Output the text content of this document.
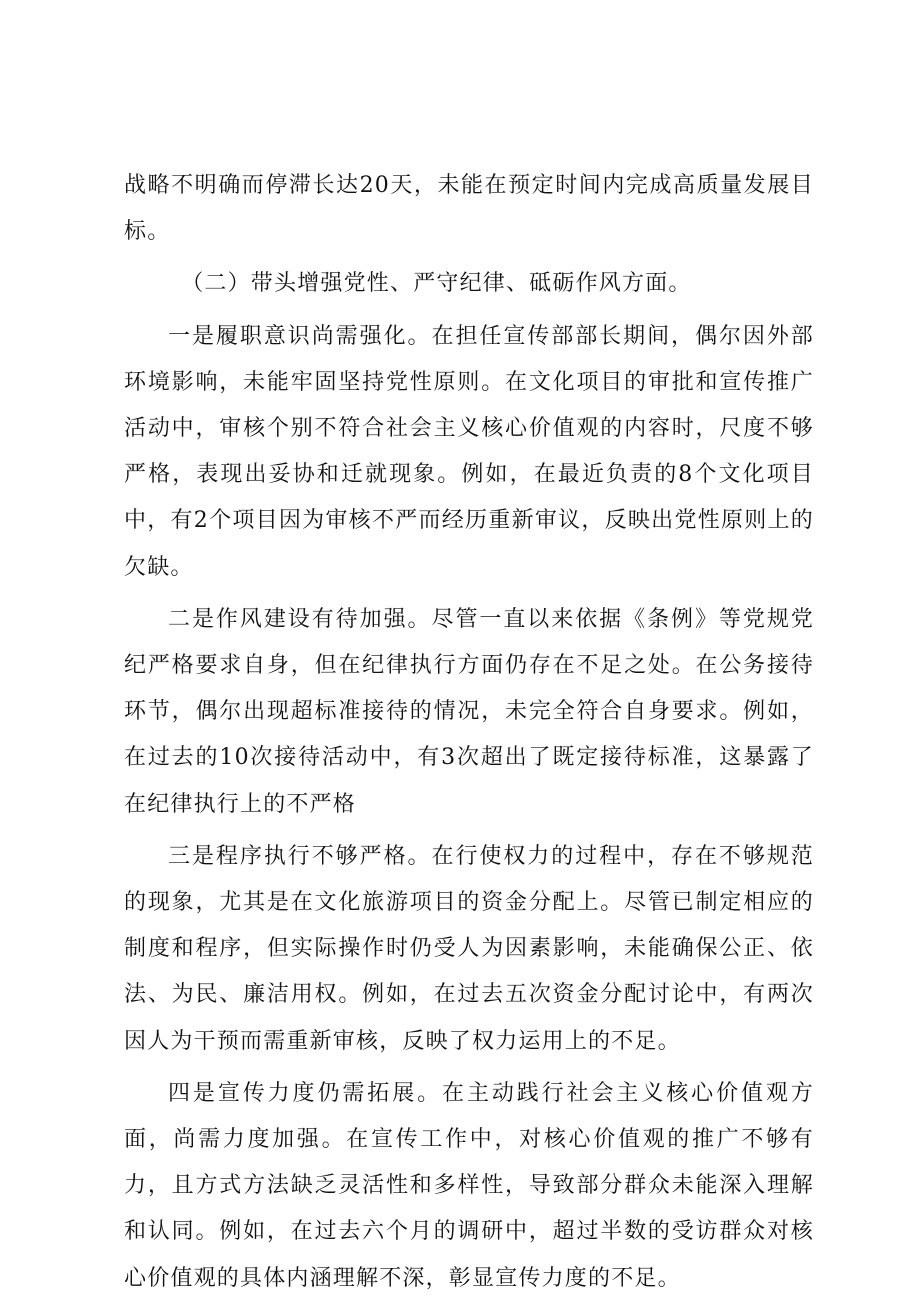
战略不明确而停滞长达20天，未能在预定时间内完成高质量发展目标。

（二）带头增强党性、严守纪律、砥砺作风方面。

一是履职意识尚需强化。在担任宣传部部长期间，偶尔因外部环境影响，未能牢固坚持党性原则。在文化项目的审批和宣传推广活动中，审核个别不符合社会主义核心价值观的内容时，尺度不够严格，表现出妥协和迁就现象。例如，在最近负责的8个文化项目中，有2个项目因为审核不严而经历重新审议，反映出党性原则上的欠缺。

二是作风建设有待加强。尽管一直以来依据《条例》等党规党纪严格要求自身，但在纪律执行方面仍存在不足之处。在公务接待环节，偶尔出现超标准接待的情况，未完全符合自身要求。例如，在过去的10次接待活动中，有3次超出了既定接待标准，这暴露了在纪律执行上的不严格

三是程序执行不够严格。在行使权力的过程中，存在不够规范的现象，尤其是在文化旅游项目的资金分配上。尽管已制定相应的制度和程序，但实际操作时仍受人为因素影响，未能确保公正、依法、为民、廉洁用权。例如，在过去五次资金分配讨论中，有两次因人为干预而需重新审核，反映了权力运用上的不足。

四是宣传力度仍需拓展。在主动践行社会主义核心价值观方面，尚需力度加强。在宣传工作中，对核心价值观的推广不够有力，且方式方法缺乏灵活性和多样性，导致部分群众未能深入理解和认同。例如，在过去六个月的调研中，超过半数的受访群众对核心价值观的具体内涵理解不深，彰显宣传力度的不足。
